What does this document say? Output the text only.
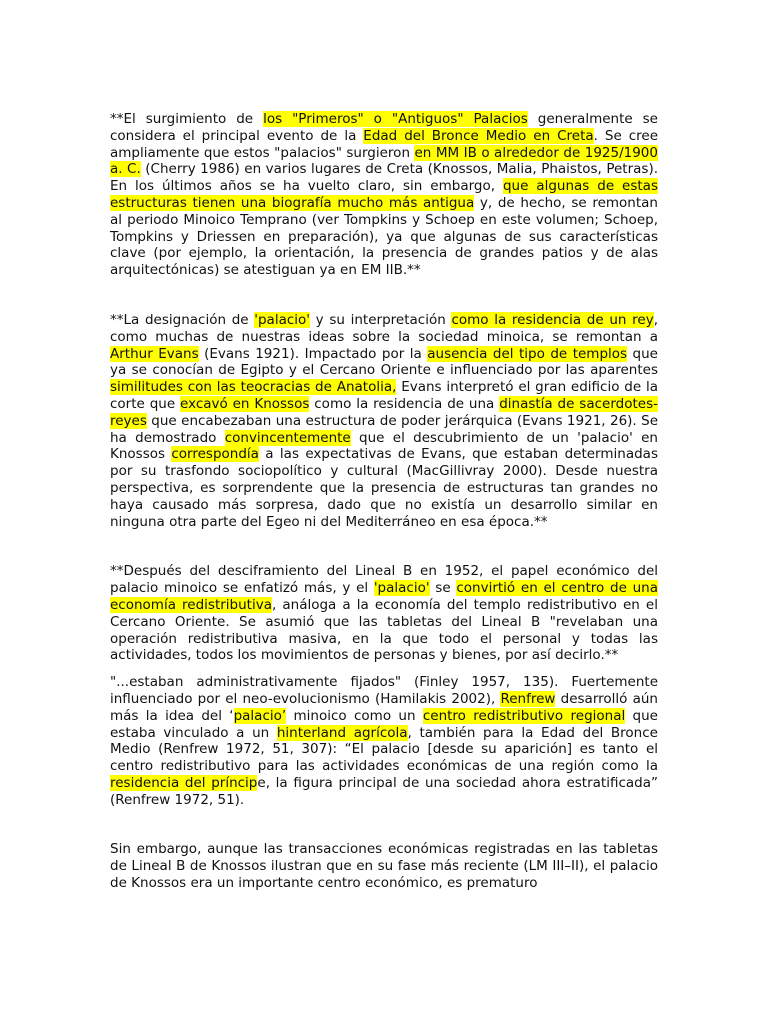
**El surgimiento de los "Primeros" o "Antiguos" Palacios generalmente se considera el principal evento de la Edad del Bronce Medio en Creta. Se cree ampliamente que estos "palacios" surgieron en MM IB o alrededor de 1925/1900 a. C. (Cherry 1986) en varios lugares de Creta (Knossos, Malia, Phaistos, Petras). En los últimos años se ha vuelto claro, sin embargo, que algunas de estas estructuras tienen una biografía mucho más antigua y, de hecho, se remontan al periodo Minoico Temprano (ver Tompkins y Schoep en este volumen; Schoep, Tompkins y Driessen en preparación), ya que algunas de sus características clave (por ejemplo, la orientación, la presencia de grandes patios y de alas arquitectónicas) se atestiguan ya en EM IIB.**

**La designación de 'palacio' y su interpretación como la residencia de un rey, como muchas de nuestras ideas sobre la sociedad minoica, se remontan a Arthur Evans (Evans 1921). Impactado por la ausencia del tipo de templos que ya se conocían de Egipto y el Cercano Oriente e influenciado por las aparentes similitudes con las teocracias de Anatolia, Evans interpretó el gran edificio de la corte que excavó en Knossos como la residencia de una dinastía de sacerdotes-reyes que encabezaban una estructura de poder jerárquica (Evans 1921, 26). Se ha demostrado convincentemente que el descubrimiento de un 'palacio' en Knossos correspondía a las expectativas de Evans, que estaban determinadas por su trasfondo sociopolítico y cultural (MacGillivray 2000). Desde nuestra perspectiva, es sorprendente que la presencia de estructuras tan grandes no haya causado más sorpresa, dado que no existía un desarrollo similar en ninguna otra parte del Egeo ni del Mediterráneo en esa época.**

**Después del desciframiento del Lineal B en 1952, el papel económico del palacio minoico se enfatizó más, y el 'palacio' se convirtió en el centro de una economía redistributiva, análoga a la economía del templo redistributivo en el Cercano Oriente. Se asumió que las tabletas del Lineal B "revelaban una operación redistributiva masiva, en la que todo el personal y todas las actividades, todos los movimientos de personas y bienes, por así decirlo.**

"...estaban administrativamente fijados" (Finley 1957, 135). Fuertemente influenciado por el neo-evolucionismo (Hamilakis 2002), Renfrew desarrolló aún más la idea del ‘palacio’ minoico como un centro redistributivo regional que estaba vinculado a un hinterland agrícola, también para la Edad del Bronce Medio (Renfrew 1972, 51, 307): “El palacio [desde su aparición] es tanto el centro redistributivo para las actividades económicas de una región como la residencia del príncipe, la figura principal de una sociedad ahora estratificada” (Renfrew 1972, 51).

Sin embargo, aunque las transacciones económicas registradas en las tabletas de Lineal B de Knossos ilustran que en su fase más reciente (LM III–II), el palacio de Knossos era un importante centro económico, es prematuro
